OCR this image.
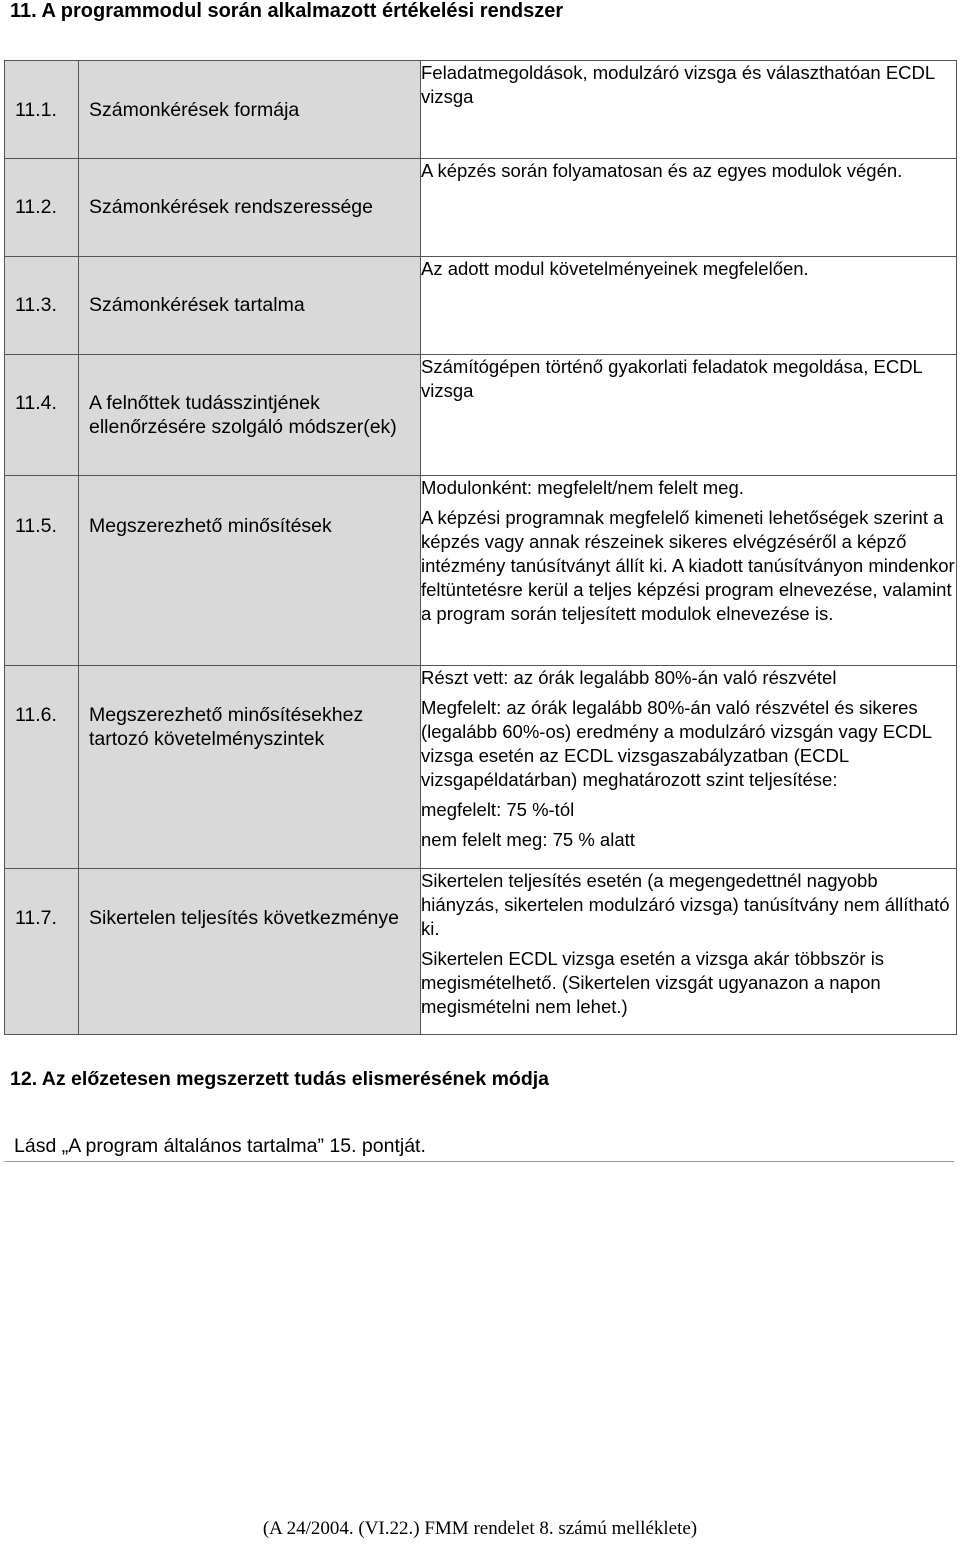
11. A programmodul során alkalmazott értékelési rendszer
11.1.	Számonkérések formája	Feladatmegoldások, modulzáró vizsga és választhatóan ECDL vizsga

11.2.	Számonkérések rendszeressége	A képzés során folyamatosan és az egyes modulok végén.

11.3.	Számonkérések tartalma	Az adott modul követelményeinek megfelelően.

11.4.	A felnőttek tudásszintjének ellenőrzésére szolgáló módszer(ek)	Számítógépen történő gyakorlati feladatok megoldása, ECDL vizsga

11.5.	Megszerezhető minősítések	Modulonként: megfelelt/nem felelt meg.

A képzési programnak megfelelő kimeneti lehetőségek szerint a képzés vagy annak részeinek sikeres elvégzéséről a képző intézmény tanúsítványt állít ki. A kiadott tanúsítványon mindenkor feltüntetésre kerül a teljes képzési program elnevezése, valamint a program során teljesített modulok elnevezése is.

11.6.	Megszerezhető minősítésekhez tartozó követelményszintek	Részt vett: az órák legalább 80%-án való részvétel

Megfelelt: az órák legalább 80%-án való részvétel és sikeres (legalább 60%-os) eredmény a modulzáró vizsgán vagy ECDL vizsga esetén az ECDL vizsgaszabályzatban (ECDL vizsgapéldatárban) meghatározott szint teljesítése:

megfelelt: 75 %-tól

nem felelt meg: 75 % alatt

11.7.	Sikertelen teljesítés következménye	Sikertelen teljesítés esetén (a megengedettnél nagyobb hiányzás, sikertelen modulzáró vizsga) tanúsítvány nem állítható ki.

Sikertelen ECDL vizsga esetén a vizsga akár többször is megismételhető. (Sikertelen vizsgát ugyanazon a napon megismételni nem lehet.)

12. Az előzetesen megszerzett tudás elismerésének módja
Lásd „A program általános tartalma” 15. pontját.
(A 24/2004. (VI.22.) FMM rendelet 8. számú melléklete)
